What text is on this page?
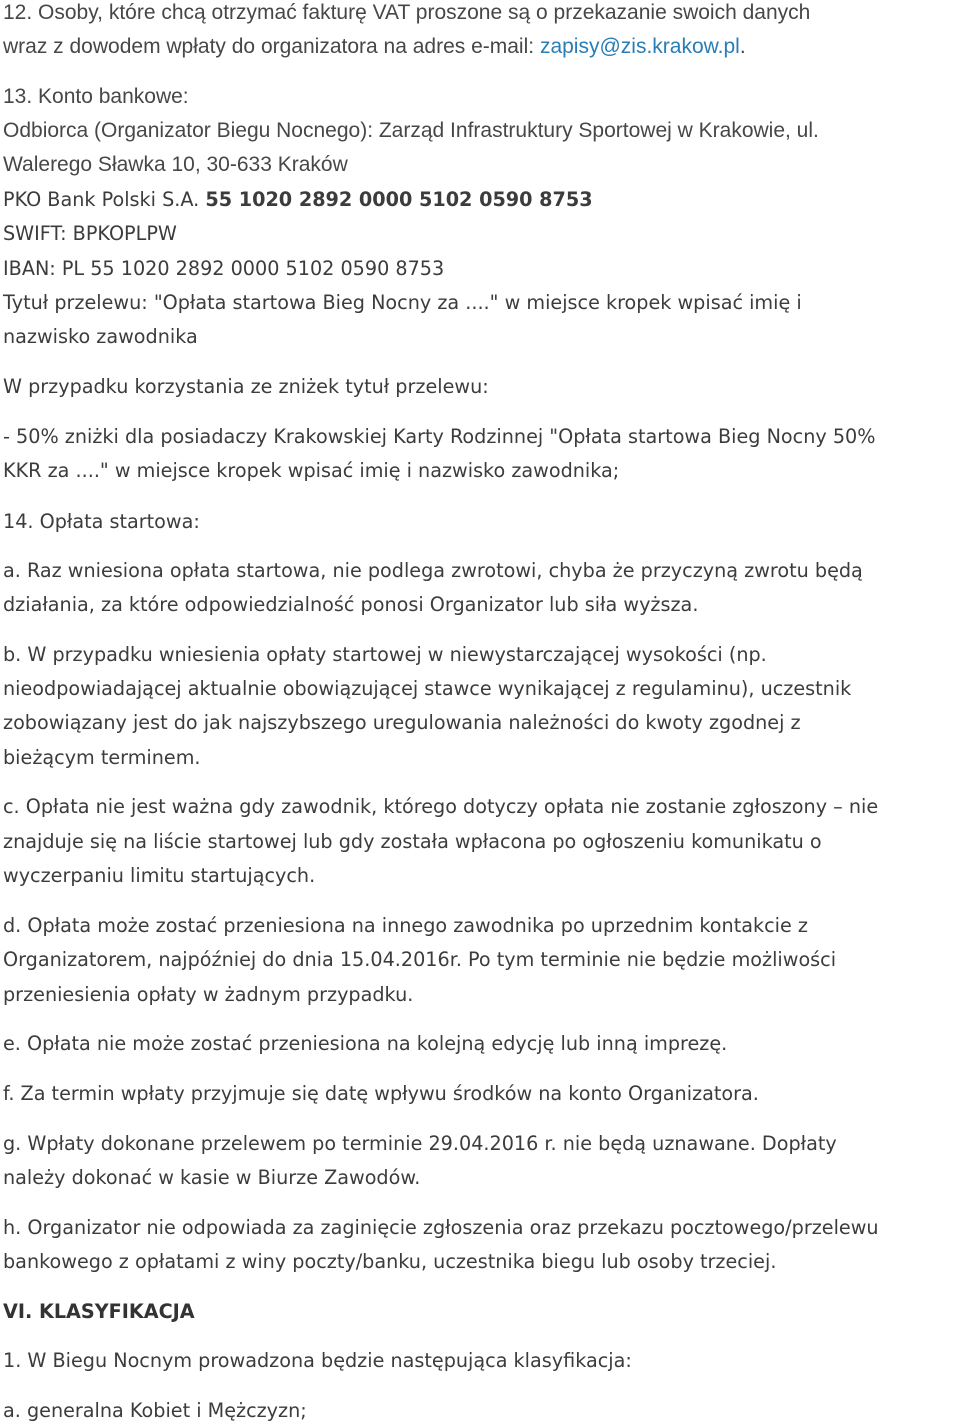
12. Osoby, które chcą otrzymać fakturę VAT proszone są o przekazanie swoich danych
wraz z dowodem wpłaty do organizatora na adres e-mail: zapisy@zis.krakow.pl.
13. Konto bankowe:
Odbiorca (Organizator Biegu Nocnego): Zarząd Infrastruktury Sportowej w Krakowie, ul.
Walerego Sławka 10, 30-633 Kraków
PKO Bank Polski S.A. 55 1020 2892 0000 5102 0590 8753
SWIFT: BPKOPLPW
IBAN: PL 55 1020 2892 0000 5102 0590 8753
Tytuł przelewu: "Opłata startowa Bieg Nocny za ...." w miejsce kropek wpisać imię i
nazwisko zawodnika
W przypadku korzystania ze zniżek tytuł przelewu:
- 50% zniżki dla posiadaczy Krakowskiej Karty Rodzinnej "Opłata startowa Bieg Nocny 50%
KKR za ...." w miejsce kropek wpisać imię i nazwisko zawodnika;
14. Opłata startowa:
a. Raz wniesiona opłata startowa, nie podlega zwrotowi, chyba że przyczyną zwrotu będą
działania, za które odpowiedzialność ponosi Organizator lub siła wyższa.
b. W przypadku wniesienia opłaty startowej w niewystarczającej wysokości (np.
nieodpowiadającej aktualnie obowiązującej stawce wynikającej z regulaminu), uczestnik
zobowiązany jest do jak najszybszego uregulowania należności do kwoty zgodnej z
bieżącym terminem.
c. Opłata nie jest ważna gdy zawodnik, którego dotyczy opłata nie zostanie zgłoszony – nie
znajduje się na liście startowej lub gdy została wpłacona po ogłoszeniu komunikatu o
wyczerpaniu limitu startujących.
d. Opłata może zostać przeniesiona na innego zawodnika po uprzednim kontakcie z
Organizatorem, najpóźniej do dnia 15.04.2016r. Po tym terminie nie będzie możliwości
przeniesienia opłaty w żadnym przypadku.
e. Opłata nie może zostać przeniesiona na kolejną edycję lub inną imprezę.
f. Za termin wpłaty przyjmuje się datę wpływu środków na konto Organizatora.
g. Wpłaty dokonane przelewem po terminie 29.04.2016 r. nie będą uznawane. Dopłaty
należy dokonać w kasie w Biurze Zawodów.
h. Organizator nie odpowiada za zaginięcie zgłoszenia oraz przekazu pocztowego/przelewu
bankowego z opłatami z winy poczty/banku, uczestnika biegu lub osoby trzeciej.
VI. KLASYFIKACJA
1. W Biegu Nocnym prowadzona będzie następująca klasyfikacja:
a. generalna Kobiet i Mężczyzn;
